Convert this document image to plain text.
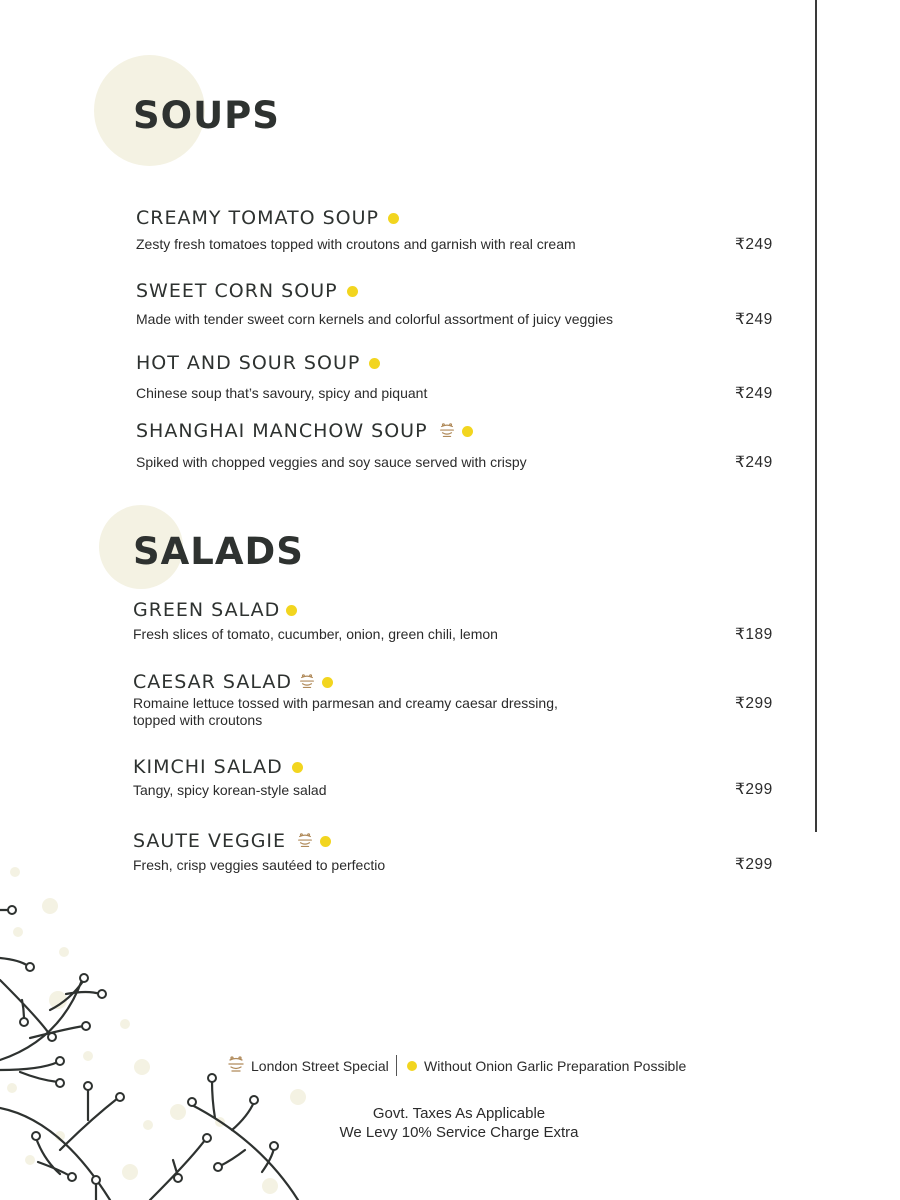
SOUPS
CREAMY TOMATO SOUP
Zesty fresh tomatoes topped with croutons and garnish with real cream	₹249
SWEET CORN SOUP
Made with tender sweet corn kernels and colorful assortment of juicy veggies	₹249
HOT AND SOUR SOUP
Chinese soup that’s savoury, spicy and piquant	₹249
SHANGHAI MANCHOW SOUP
Spiked with chopped veggies and soy sauce served with crispy	₹249
SALADS
GREEN SALAD
Fresh slices of tomato, cucumber, onion, green chili, lemon	₹189
CAESAR SALAD
Romaine lettuce tossed with parmesan and creamy caesar dressing,
topped with croutons
₹299
KIMCHI SALAD
Tangy, spicy korean-style salad	₹299
SAUTE VEGGIE
Fresh, crisp veggies sautéed to perfectio	₹299
London Street Special	Without Onion Garlic Preparation Possible
Govt. Taxes As Applicable
We Levy 10% Service Charge Extra
